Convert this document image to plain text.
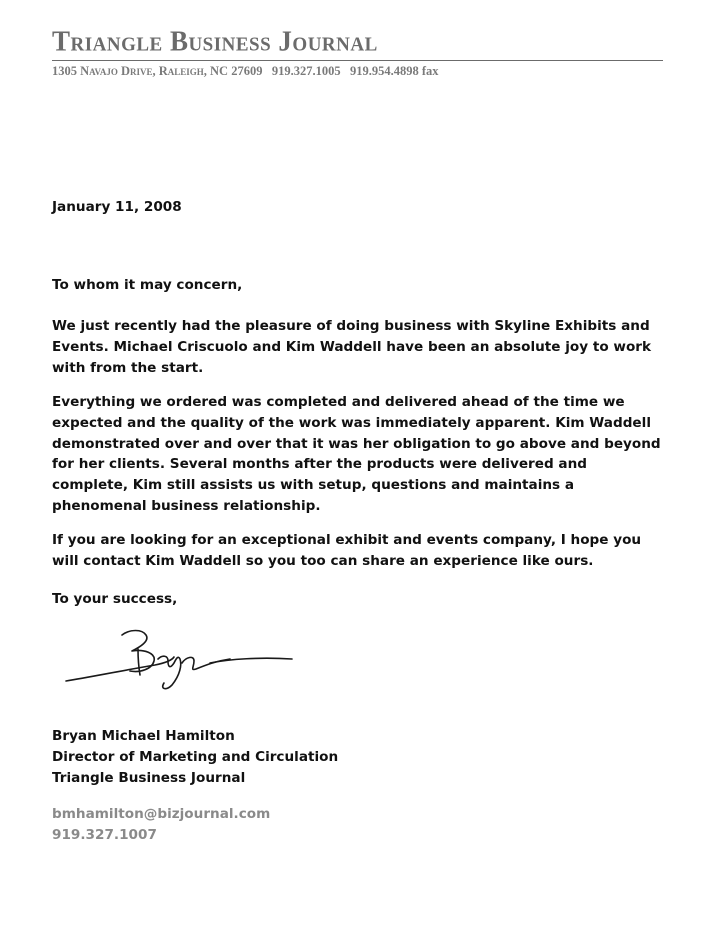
Triangle Business Journal
1305 Navajo Drive, Raleigh, NC 27609 919.327.1005 919.954.4898 fax
January 11, 2008
To whom it may concern,
We just recently had the pleasure of doing business with Skyline Exhibits and
Events. Michael Criscuolo and Kim Waddell have been an absolute joy to work
with from the start.
Everything we ordered was completed and delivered ahead of the time we
expected and the quality of the work was immediately apparent. Kim Waddell
demonstrated over and over that it was her obligation to go above and beyond
for her clients. Several months after the products were delivered and
complete, Kim still assists us with setup, questions and maintains a
phenomenal business relationship.
If you are looking for an exceptional exhibit and events company, I hope you
will contact Kim Waddell so you too can share an experience like ours.
To your success,
Bryan Michael Hamilton
Director of Marketing and Circulation
Triangle Business Journal
bmhamilton@bizjournal.com
919.327.1007
